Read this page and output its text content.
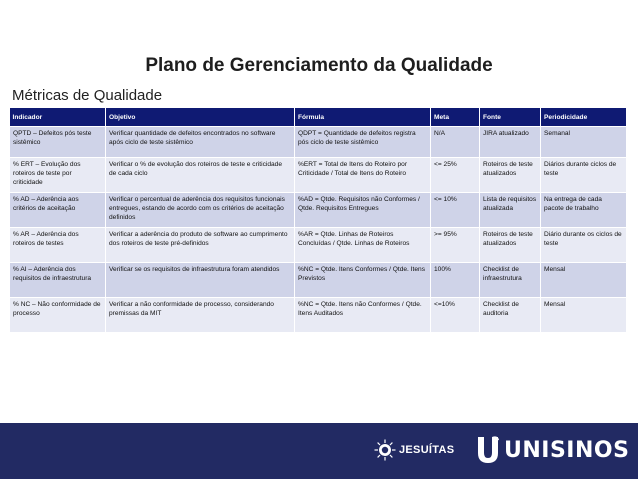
Plano de Gerenciamento da Qualidade
Métricas de Qualidade
Indicador	Objetivo	Fórmula	Meta	Fonte	Periodicidade
QPTD – Defeitos pós teste sistêmico	Verificar quantidade de defeitos encontrados no software após ciclo de teste sistêmico	QDPT = Quantidade de defeitos registra pós ciclo de teste sistêmico	N/A	JIRA atualizado	Semanal
% ERT – Evolução dos roteiros de teste por criticidade	Verificar o % de evolução dos roteiros de teste e criticidade de cada ciclo	%ERT = Total de Itens do Roteiro por Criticidade / Total de Itens do Roteiro	<= 25%	Roteiros de teste atualizados	Diários durante ciclos de teste
% AD – Aderência aos critérios de aceitação	Verificar o percentual de aderência dos requisitos funcionais entregues, estando de acordo com os critérios de aceitação definidos	%AD = Qtde. Requisitos não Conformes / Qtde. Requisitos Entregues	<= 10%	Lista de requisitos atualizada	Na entrega de cada pacote de trabalho
% AR – Aderência dos roteiros de testes	Verificar a aderência do produto de software ao cumprimento dos roteiros de teste pré-definidos	%AR = Qtde. Linhas de Roteiros Concluídas / Qtde. Linhas de Roteiros	>= 95%	Roteiros de teste atualizados	Diário durante os ciclos de teste
% AI – Aderência dos requisitos de infraestrutura	Verificar se os requisitos de infraestrutura foram atendidos	%NC = Qtde. Itens Conformes / Qtde. Itens Previstos	100%	Checklist de infraestrutura	Mensal
% NC – Não conformidade de processo	Verificar a não conformidade de processo, considerando premissas da MIT	%NC = Qtde. Itens não Conformes / Qtde. Itens Auditados	<=10%	Checklist de auditoria	Mensal
JESUÍTAS UNISINOS
